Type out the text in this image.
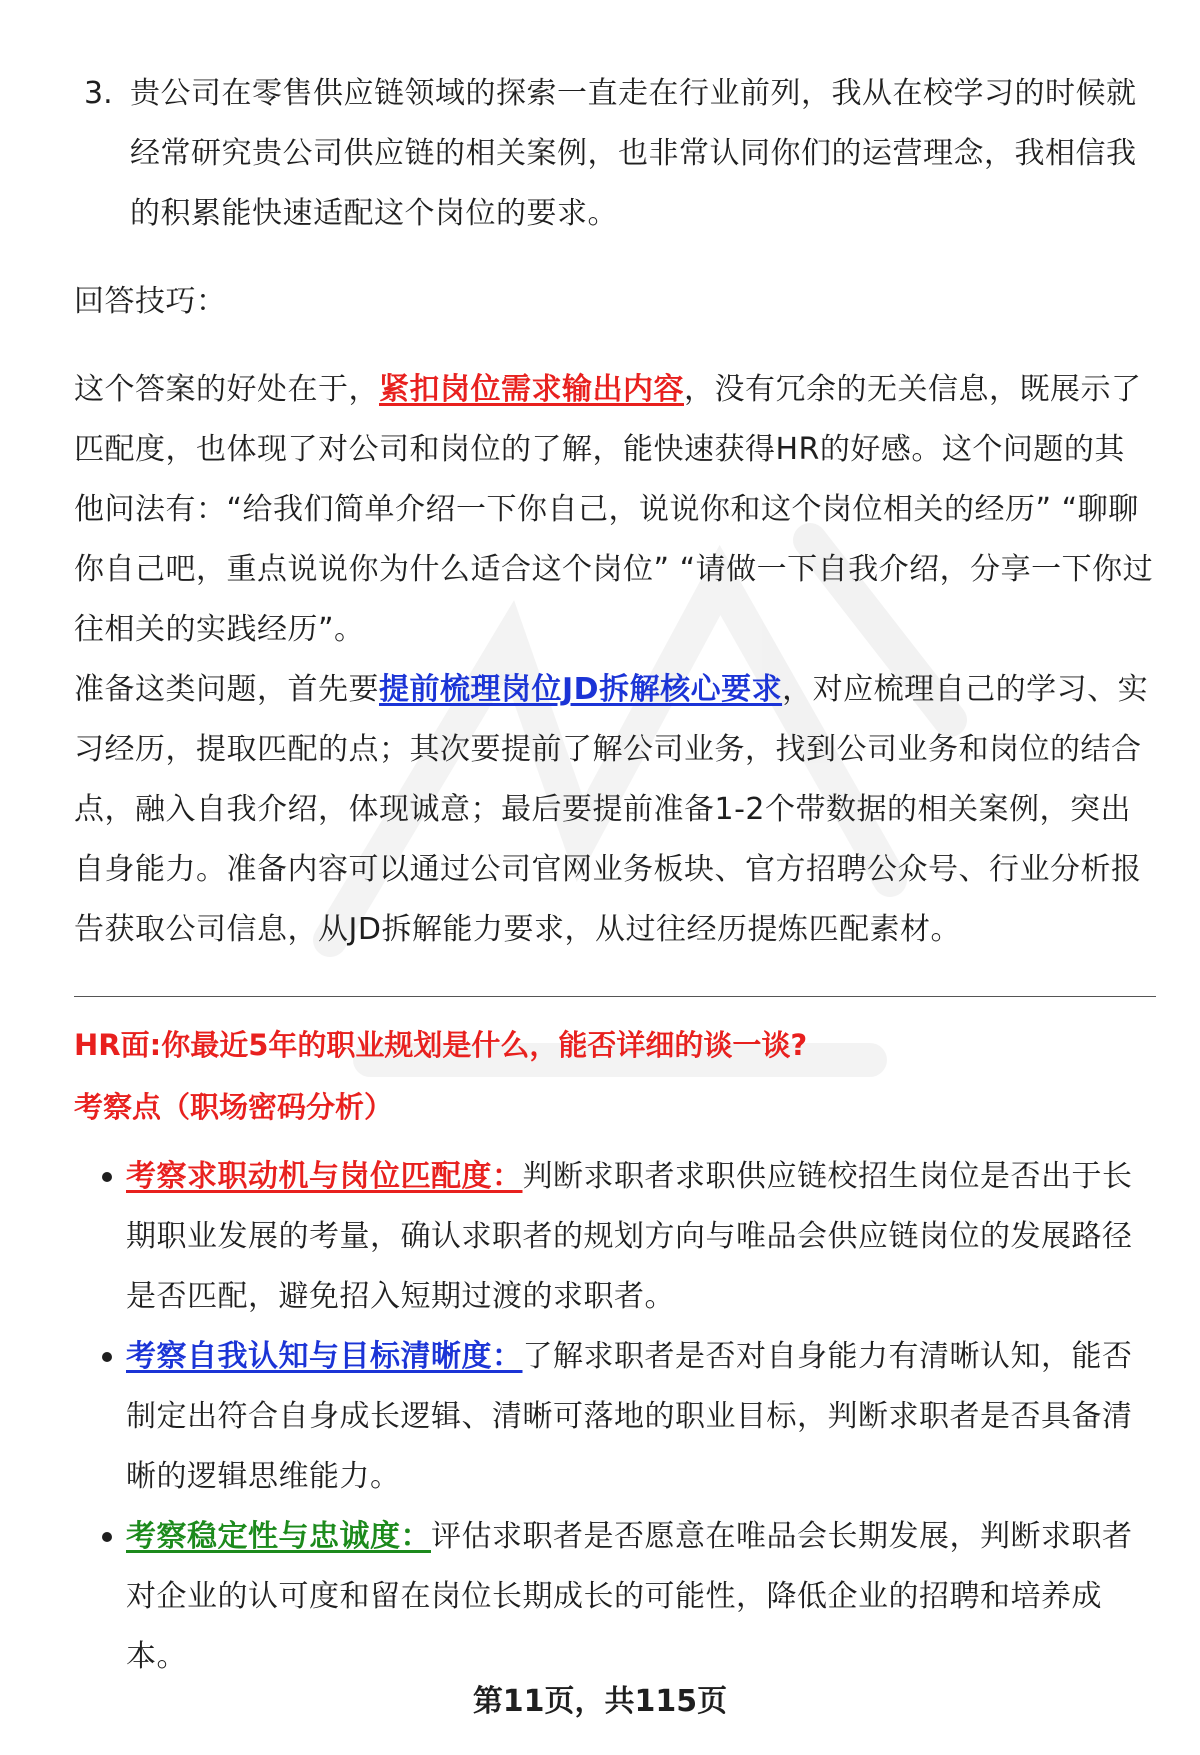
3. 贵公司在零售供应链领域的探索一直走在行业前列，我从在校学习的时候就经常研究贵公司供应链的相关案例，也非常认同你们的运营理念，我相信我的积累能快速适配这个岗位的要求。

回答技巧：

这个答案的好处在于，紧扣岗位需求输出内容，没有冗余的无关信息，既展示了匹配度，也体现了对公司和岗位的了解，能快速获得HR的好感。这个问题的其他问法有：“给我们简单介绍一下你自己，说说你和这个岗位相关的经历” “聊聊你自己吧，重点说说你为什么适合这个岗位” “请做一下自我介绍，分享一下你过往相关的实践经历”。

准备这类问题，首先要提前梳理岗位JD拆解核心要求，对应梳理自己的学习、实习经历，提取匹配的点；其次要提前了解公司业务，找到公司业务和岗位的结合点，融入自我介绍，体现诚意；最后要提前准备1-2个带数据的相关案例，突出自身能力。准备内容可以通过公司官网业务板块、官方招聘公众号、行业分析报告获取公司信息，从JD拆解能力要求，从过往经历提炼匹配素材。

HR面:你最近5年的职业规划是什么，能否详细的谈一谈?

考察点（职场密码分析）

考察求职动机与岗位匹配度：判断求职者求职供应链校招生岗位是否出于长期职业发展的考量，确认求职者的规划方向与唯品会供应链岗位的发展路径是否匹配，避免招入短期过渡的求职者。

考察自我认知与目标清晰度：了解求职者是否对自身能力有清晰认知，能否制定出符合自身成长逻辑、清晰可落地的职业目标，判断求职者是否具备清晰的逻辑思维能力。

考察稳定性与忠诚度：评估求职者是否愿意在唯品会长期发展，判断求职者对企业的认可度和留在岗位长期成长的可能性，降低企业的招聘和培养成本。

第11页，共115页
